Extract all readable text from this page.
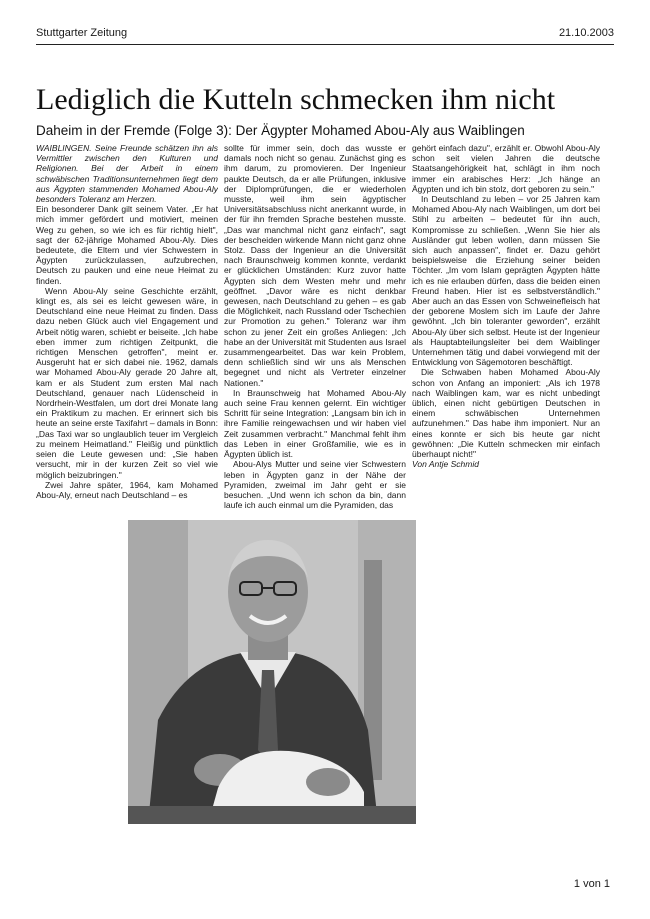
Stuttgarter Zeitung	21.10.2003
Lediglich die Kutteln schmecken ihm nicht
Daheim in der Fremde (Folge 3): Der Ägypter Mohamed Abou-Aly aus Waiblingen

WAIBLINGEN. Seine Freunde schätzen ihn als Vermittler zwischen den Kulturen und Religionen. Bei der Arbeit in einem schwäbischen Traditionsunternehmen liegt dem aus Ägypten stammenden Mohamed Abou-Aly besonders Toleranz am Herzen.

Ein besonderer Dank gilt seinem Vater. „Er hat mich immer gefördert und motiviert, meinen Weg zu gehen, so wie ich es für richtig hielt", sagt der 62-jährige Mohamed Abou-Aly. Dies bedeutete, die Eltern und vier Schwestern in Ägypten zurückzulassen, aufzubrechen, Deutsch zu pauken und eine neue Heimat zu finden.

Wenn Abou-Aly seine Geschichte erzählt, klingt es, als sei es leicht gewesen wäre, in Deutschland eine neue Heimat zu finden. Dass dazu neben Glück auch viel Engagement und Arbeit nötig waren, schiebt er beiseite. „Ich habe eben immer zum richtigen Zeitpunkt, die richtigen Menschen getroffen", meint er. Ausgeruht hat er sich dabei nie. 1962, damals war Mohamed Abou-Aly gerade 20 Jahre alt, kam er als Student zum ersten Mal nach Deutschland, genauer nach Lüdenscheid in Nordrhein-Westfalen, um dort drei Monate lang ein Praktikum zu machen. Er erinnert sich bis heute an seine erste Taxifahrt – damals in Bonn: „Das Taxi war so unglaublich teuer im Vergleich zu meinem Heimatland." Fleißig und pünktlich seien die Leute gewesen und: „Sie haben versucht, mir in der kurzen Zeit so viel wie möglich beizubringen."

Zwei Jahre später, 1964, kam Mohamed Abou-Aly, erneut nach Deutschland – es

sollte für immer sein, doch das wusste er damals noch nicht so genau. Zunächst ging es ihm darum, zu promovieren. Der Ingenieur paukte Deutsch, da er alle Prüfungen, inklusive der Diplomprüfungen, die er wiederholen musste, weil ihm sein ägyptischer Universitätsabschluss nicht anerkannt wurde, in der für ihn fremden Sprache bestehen musste. „Das war manchmal nicht ganz einfach", sagt der bescheiden wirkende Mann nicht ganz ohne Stolz. Dass der Ingenieur an die Universität nach Braunschweig kommen konnte, verdankt er glücklichen Umständen: Kurz zuvor hatte Ägypten sich dem Westen mehr und mehr geöffnet. „Davor wäre es nicht denkbar gewesen, nach Deutschland zu gehen – es gab die Möglichkeit, nach Russland oder Tschechien zur Promotion zu gehen." Toleranz war ihm schon zu jener Zeit ein großes Anliegen: „Ich habe an der Universität mit Studenten aus Israel zusammengearbeitet. Das war kein Problem, denn schließlich sind wir uns als Menschen begegnet und nicht als Vertreter einzelner Nationen."

In Braunschweig hat Mohamed Abou-Aly auch seine Frau kennen gelernt. Ein wichtiger Schritt für seine Integration: „Langsam bin ich in ihre Familie reingewachsen und wir haben viel Zeit zusammen verbracht." Manchmal fehlt ihm das Leben in einer Großfamilie, wie es in Ägypten üblich ist.

Abou-Alys Mutter und seine vier Schwestern leben in Ägypten ganz in der Nähe der Pyramiden, zweimal im Jahr geht er sie besuchen. „Und wenn ich schon da bin, dann laufe ich auch einmal um die Pyramiden, das

gehört einfach dazu", erzählt er. Obwohl Abou-Aly schon seit vielen Jahren die deutsche Staatsangehörigkeit hat, schlägt in ihm noch immer ein arabisches Herz: „Ich hänge an Ägypten und ich bin stolz, dort geboren zu sein."

In Deutschland zu leben – vor 25 Jahren kam Mohamed Abou-Aly nach Waiblingen, um dort bei Stihl zu arbeiten – bedeutet für ihn auch, Kompromisse zu schließen. „Wenn Sie hier als Ausländer gut leben wollen, dann müssen Sie sich auch anpassen", findet er. Dazu gehört beispielsweise die Erziehung seiner beiden Töchter. „Im vom Islam geprägten Ägypten hätte ich es nie erlauben dürfen, dass die beiden einen Freund haben. Hier ist es selbstverständlich." Aber auch an das Essen von Schweinefleisch hat der geborene Moslem sich im Laufe der Jahre gewöhnt. „Ich bin toleranter geworden", erzählt Abou-Aly über sich selbst. Heute ist der Ingenieur als Hauptabteilungsleiter bei dem Waiblinger Unternehmen tätig und dabei vorwiegend mit der Entwicklung von Sägemotoren beschäftigt.

Die Schwaben haben Mohamed Abou-Aly schon von Anfang an imponiert: „Als ich 1978 nach Waiblingen kam, war es nicht unbedingt üblich, einen nicht gebürtigen Deutschen in einem schwäbischen Unternehmen aufzunehmen." Das habe ihm imponiert. Nur an eines konnte er sich bis heute gar nicht gewöhnen: „Die Kutteln schmecken mir einfach überhaupt nicht!"

Von Antje Schmid

1 von 1
